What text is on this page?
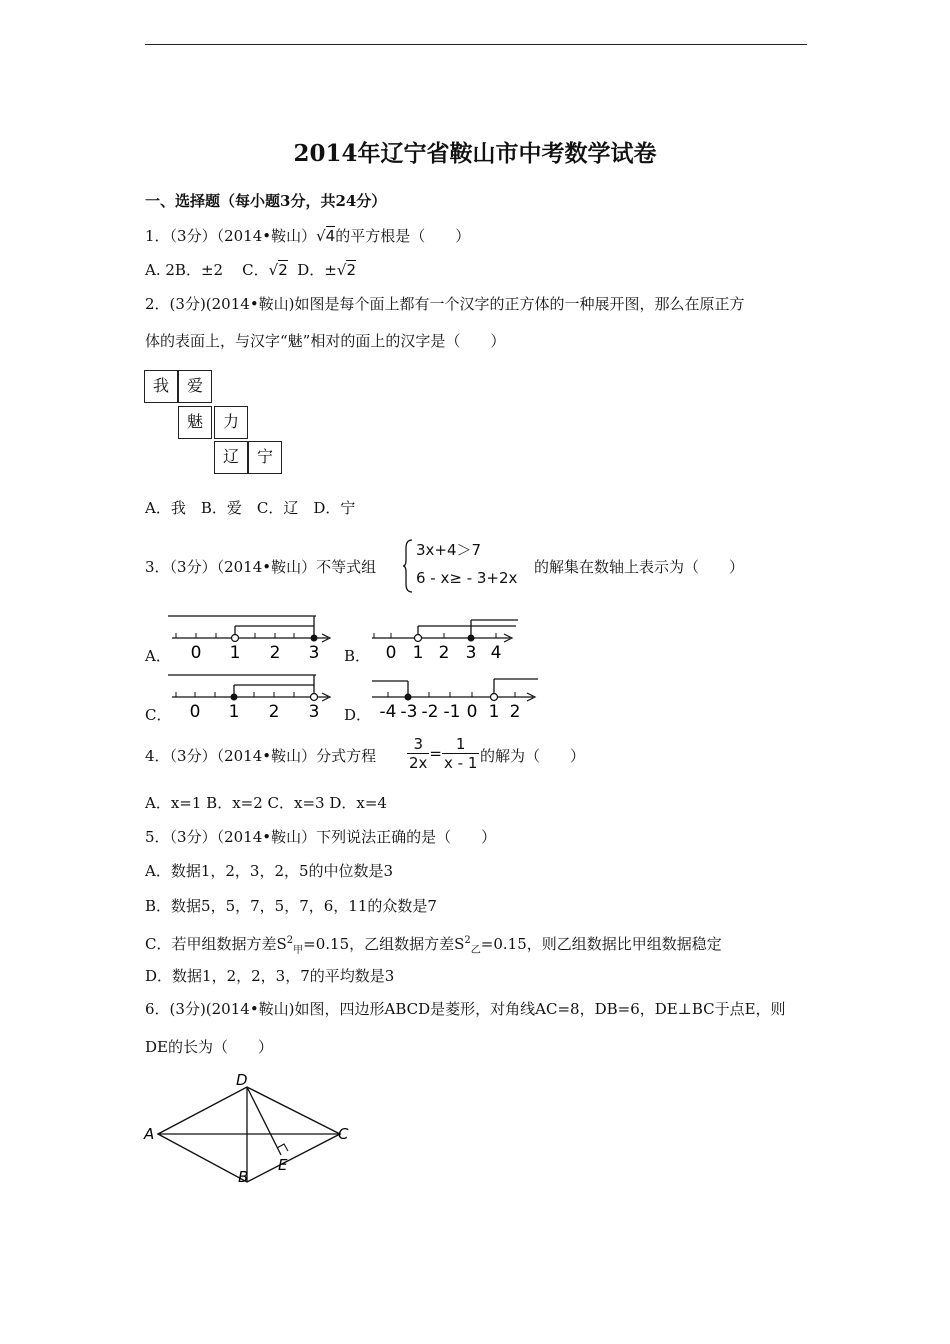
2014年辽宁省鞍山市中考数学试卷
一、选择题（每小题3分，共24分）
1．（3分）（2014•鞍山）√4的平方根是（　　）
A. 2B．±2 C．√2 D．±√2
2．(3分)(2014•鞍山)如图是每个面上都有一个汉字的正方体的一种展开图，那么在原正方
体的表面上，与汉字“魅”相对的面上的汉字是（　　）
我	爱
魅	力
辽	宁
A．我　B．爱　C．辽　D．宁
3．（3分）（2014•鞍山）不等式组
3x+4＞7
6 - x≥ - 3+2x
的解集在数轴上表示为（　　）
A．	B．
C．	D．
0 1 2 3	0 1 2 3 4
0 1 2 3	-4 -3 -2 -1 0 1 2
4．（3分）（2014•鞍山）分式方程 $\frac{3}{2x} = \frac{1}{x - 1}$ 的解为（　　）
A．x=1 B．x=2 C．x=3 D．x=4
5．（3分）（2014•鞍山）下列说法正确的是（　　）
A．数据1，2，3，2，5的中位数是3
B．数据5，5，7，5，7，6，11的众数是7
C．若甲组数据方差$S^2_甲=0.15$，乙组数据方差$S^2_乙=0.15$，则乙组数据比甲组数据稳定
D．数据1，2，2，3，7的平均数是3
6．(3分)(2014•鞍山)如图，四边形ABCD是菱形，对角线AC=8，DB=6，DE⊥BC于点E，则
DE的长为（　　）
D
A	C
B
E
